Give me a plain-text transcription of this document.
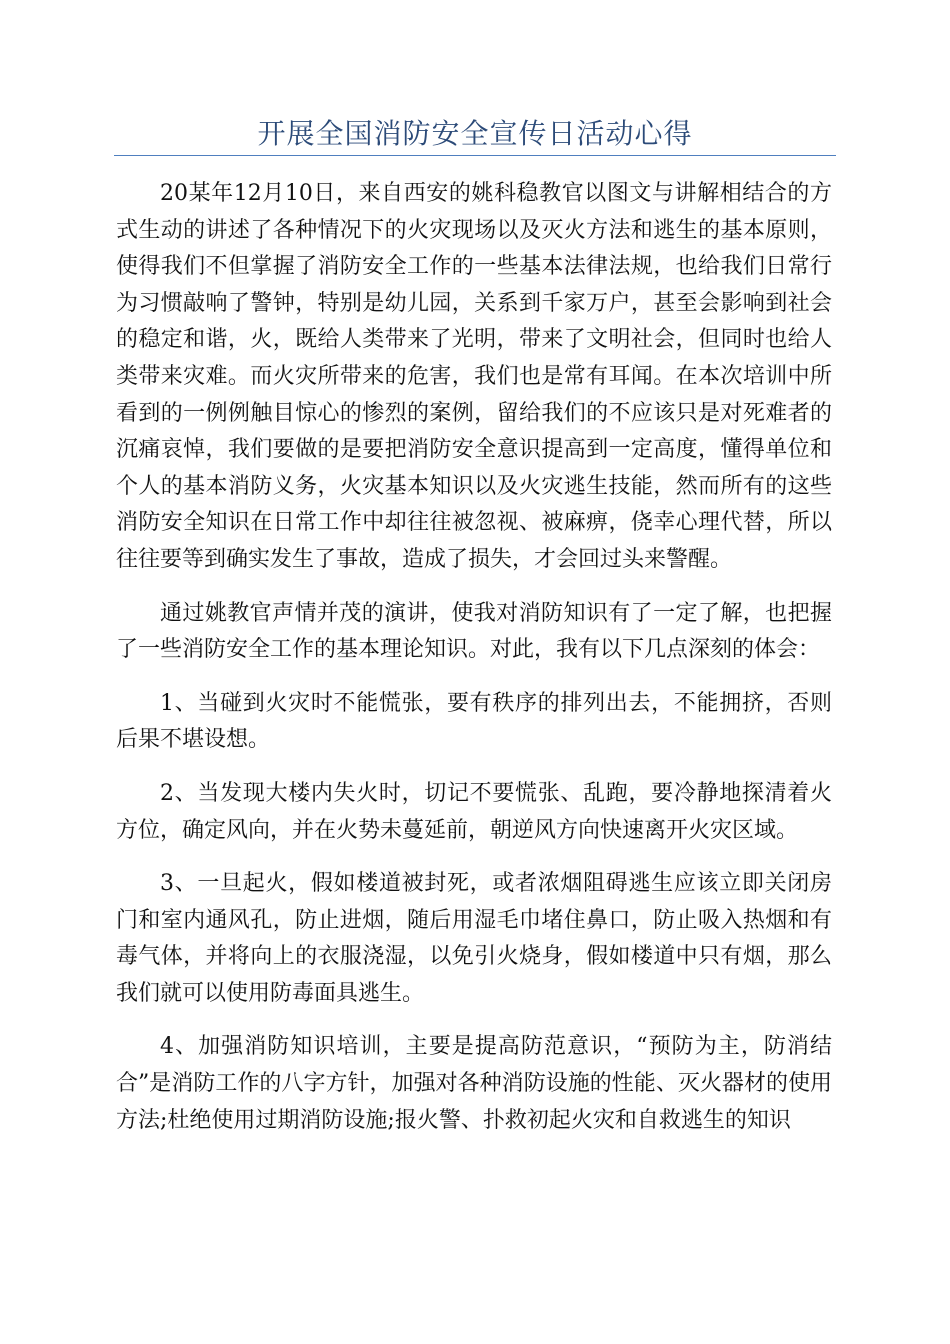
开展全国消防安全宣传日活动心得

20某年12月10日，来自西安的姚科稳教官以图文与讲解相结合的方式生动的讲述了各种情况下的火灾现场以及灭火方法和逃生的基本原则，使得我们不但掌握了消防安全工作的一些基本法律法规，也给我们日常行为习惯敲响了警钟，特别是幼儿园，关系到千家万户，甚至会影响到社会的稳定和谐，火，既给人类带来了光明，带来了文明社会，但同时也给人类带来灾难。而火灾所带来的危害，我们也是常有耳闻。在本次培训中所看到的一例例触目惊心的惨烈的案例，留给我们的不应该只是对死难者的沉痛哀悼，我们要做的是要把消防安全意识提高到一定高度，懂得单位和个人的基本消防义务，火灾基本知识以及火灾逃生技能，然而所有的这些消防安全知识在日常工作中却往往被忽视、被麻痹，侥幸心理代替，所以往往要等到确实发生了事故，造成了损失，才会回过头来警醒。

通过姚教官声情并茂的演讲，使我对消防知识有了一定了解，也把握了一些消防安全工作的基本理论知识。对此，我有以下几点深刻的体会：

1、当碰到火灾时不能慌张，要有秩序的排列出去，不能拥挤，否则后果不堪设想。

2、当发现大楼内失火时，切记不要慌张、乱跑，要冷静地探清着火方位，确定风向，并在火势未蔓延前，朝逆风方向快速离开火灾区域。

3、一旦起火，假如楼道被封死，或者浓烟阻碍逃生应该立即关闭房门和室内通风孔，防止进烟，随后用湿毛巾堵住鼻口，防止吸入热烟和有毒气体，并将向上的衣服浇湿，以免引火烧身，假如楼道中只有烟，那么我们就可以使用防毒面具逃生。

4、加强消防知识培训，主要是提高防范意识，“预防为主，防消结合”是消防工作的八字方针，加强对各种消防设施的性能、灭火器材的使用方法;杜绝使用过期消防设施;报火警、扑救初起火灾和自救逃生的知识
